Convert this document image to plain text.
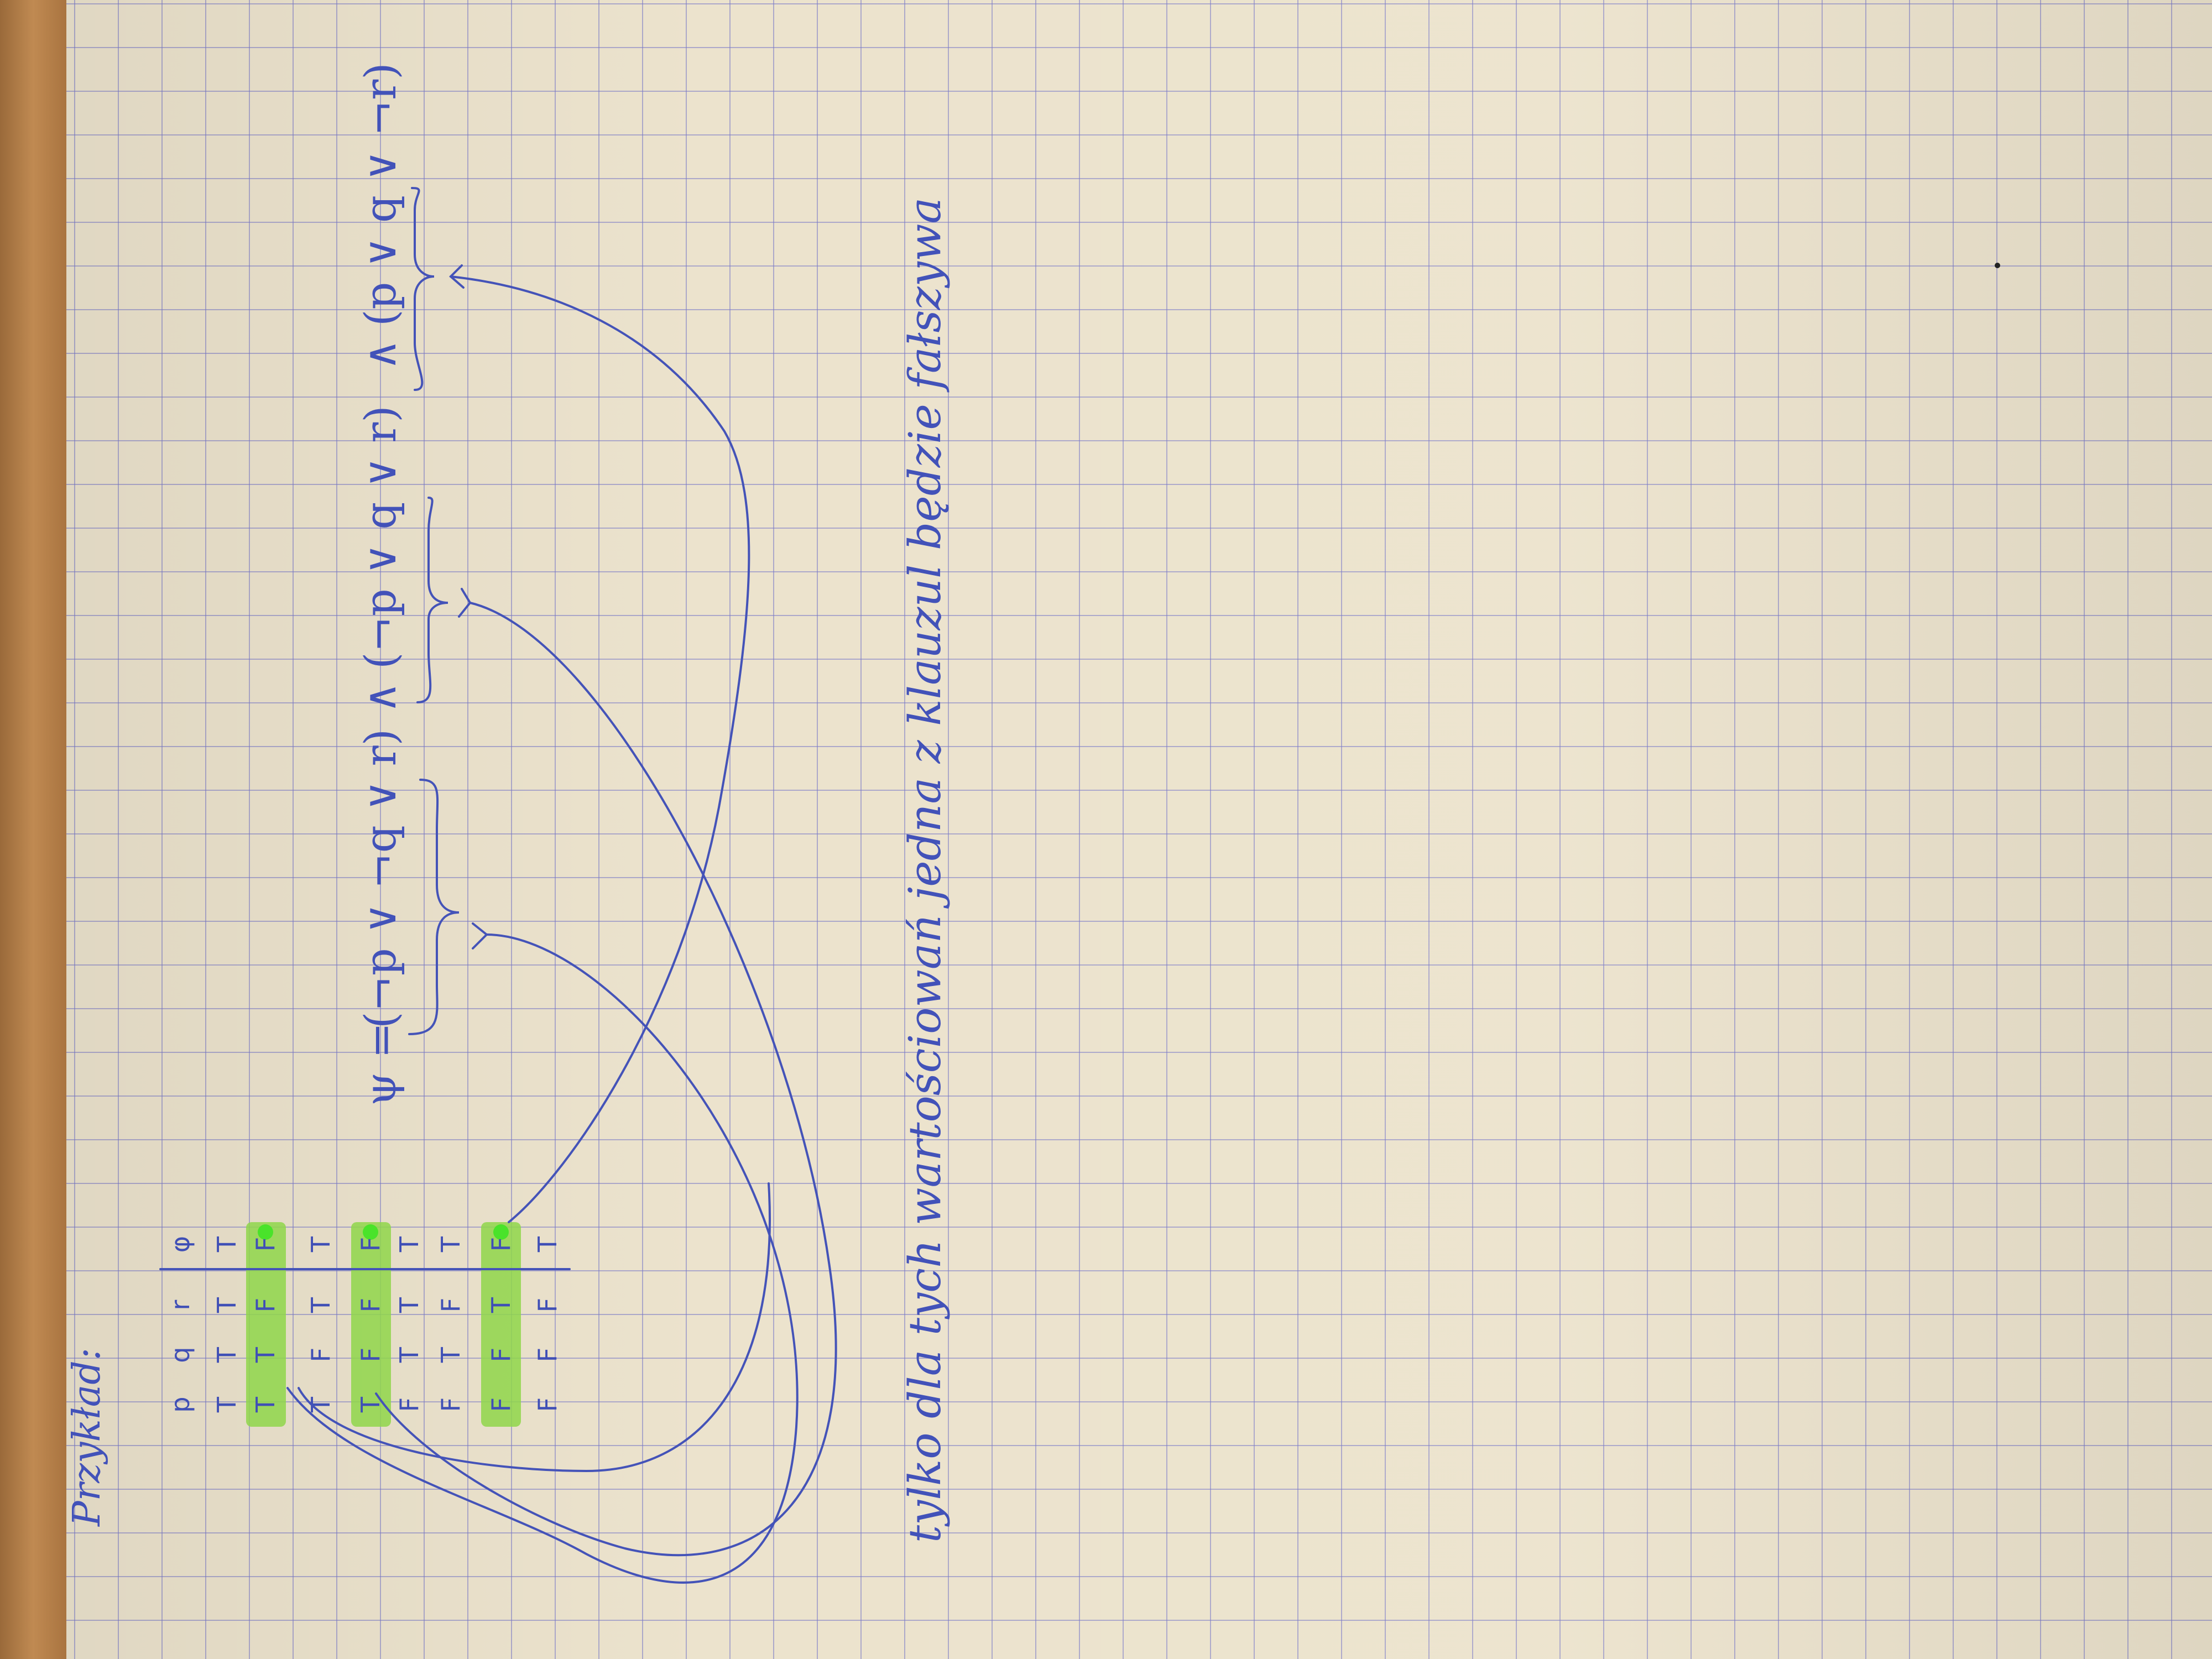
Przykład: p
q
r
φ
T
T
T
T
T
T
F
F
T
F
T
T
T
F
F
F
F
T
T
T
F
T
F
T
F
F
T
F
F
F
F
T
ψ =
(¬p ∨ ¬q ∨ r)
∧
(¬p ∨ q ∨ r)
∧
(p ∨ q ∨ ¬r)
tylko dla tych wartościowań jedna z klauzul będzie fałszywa
